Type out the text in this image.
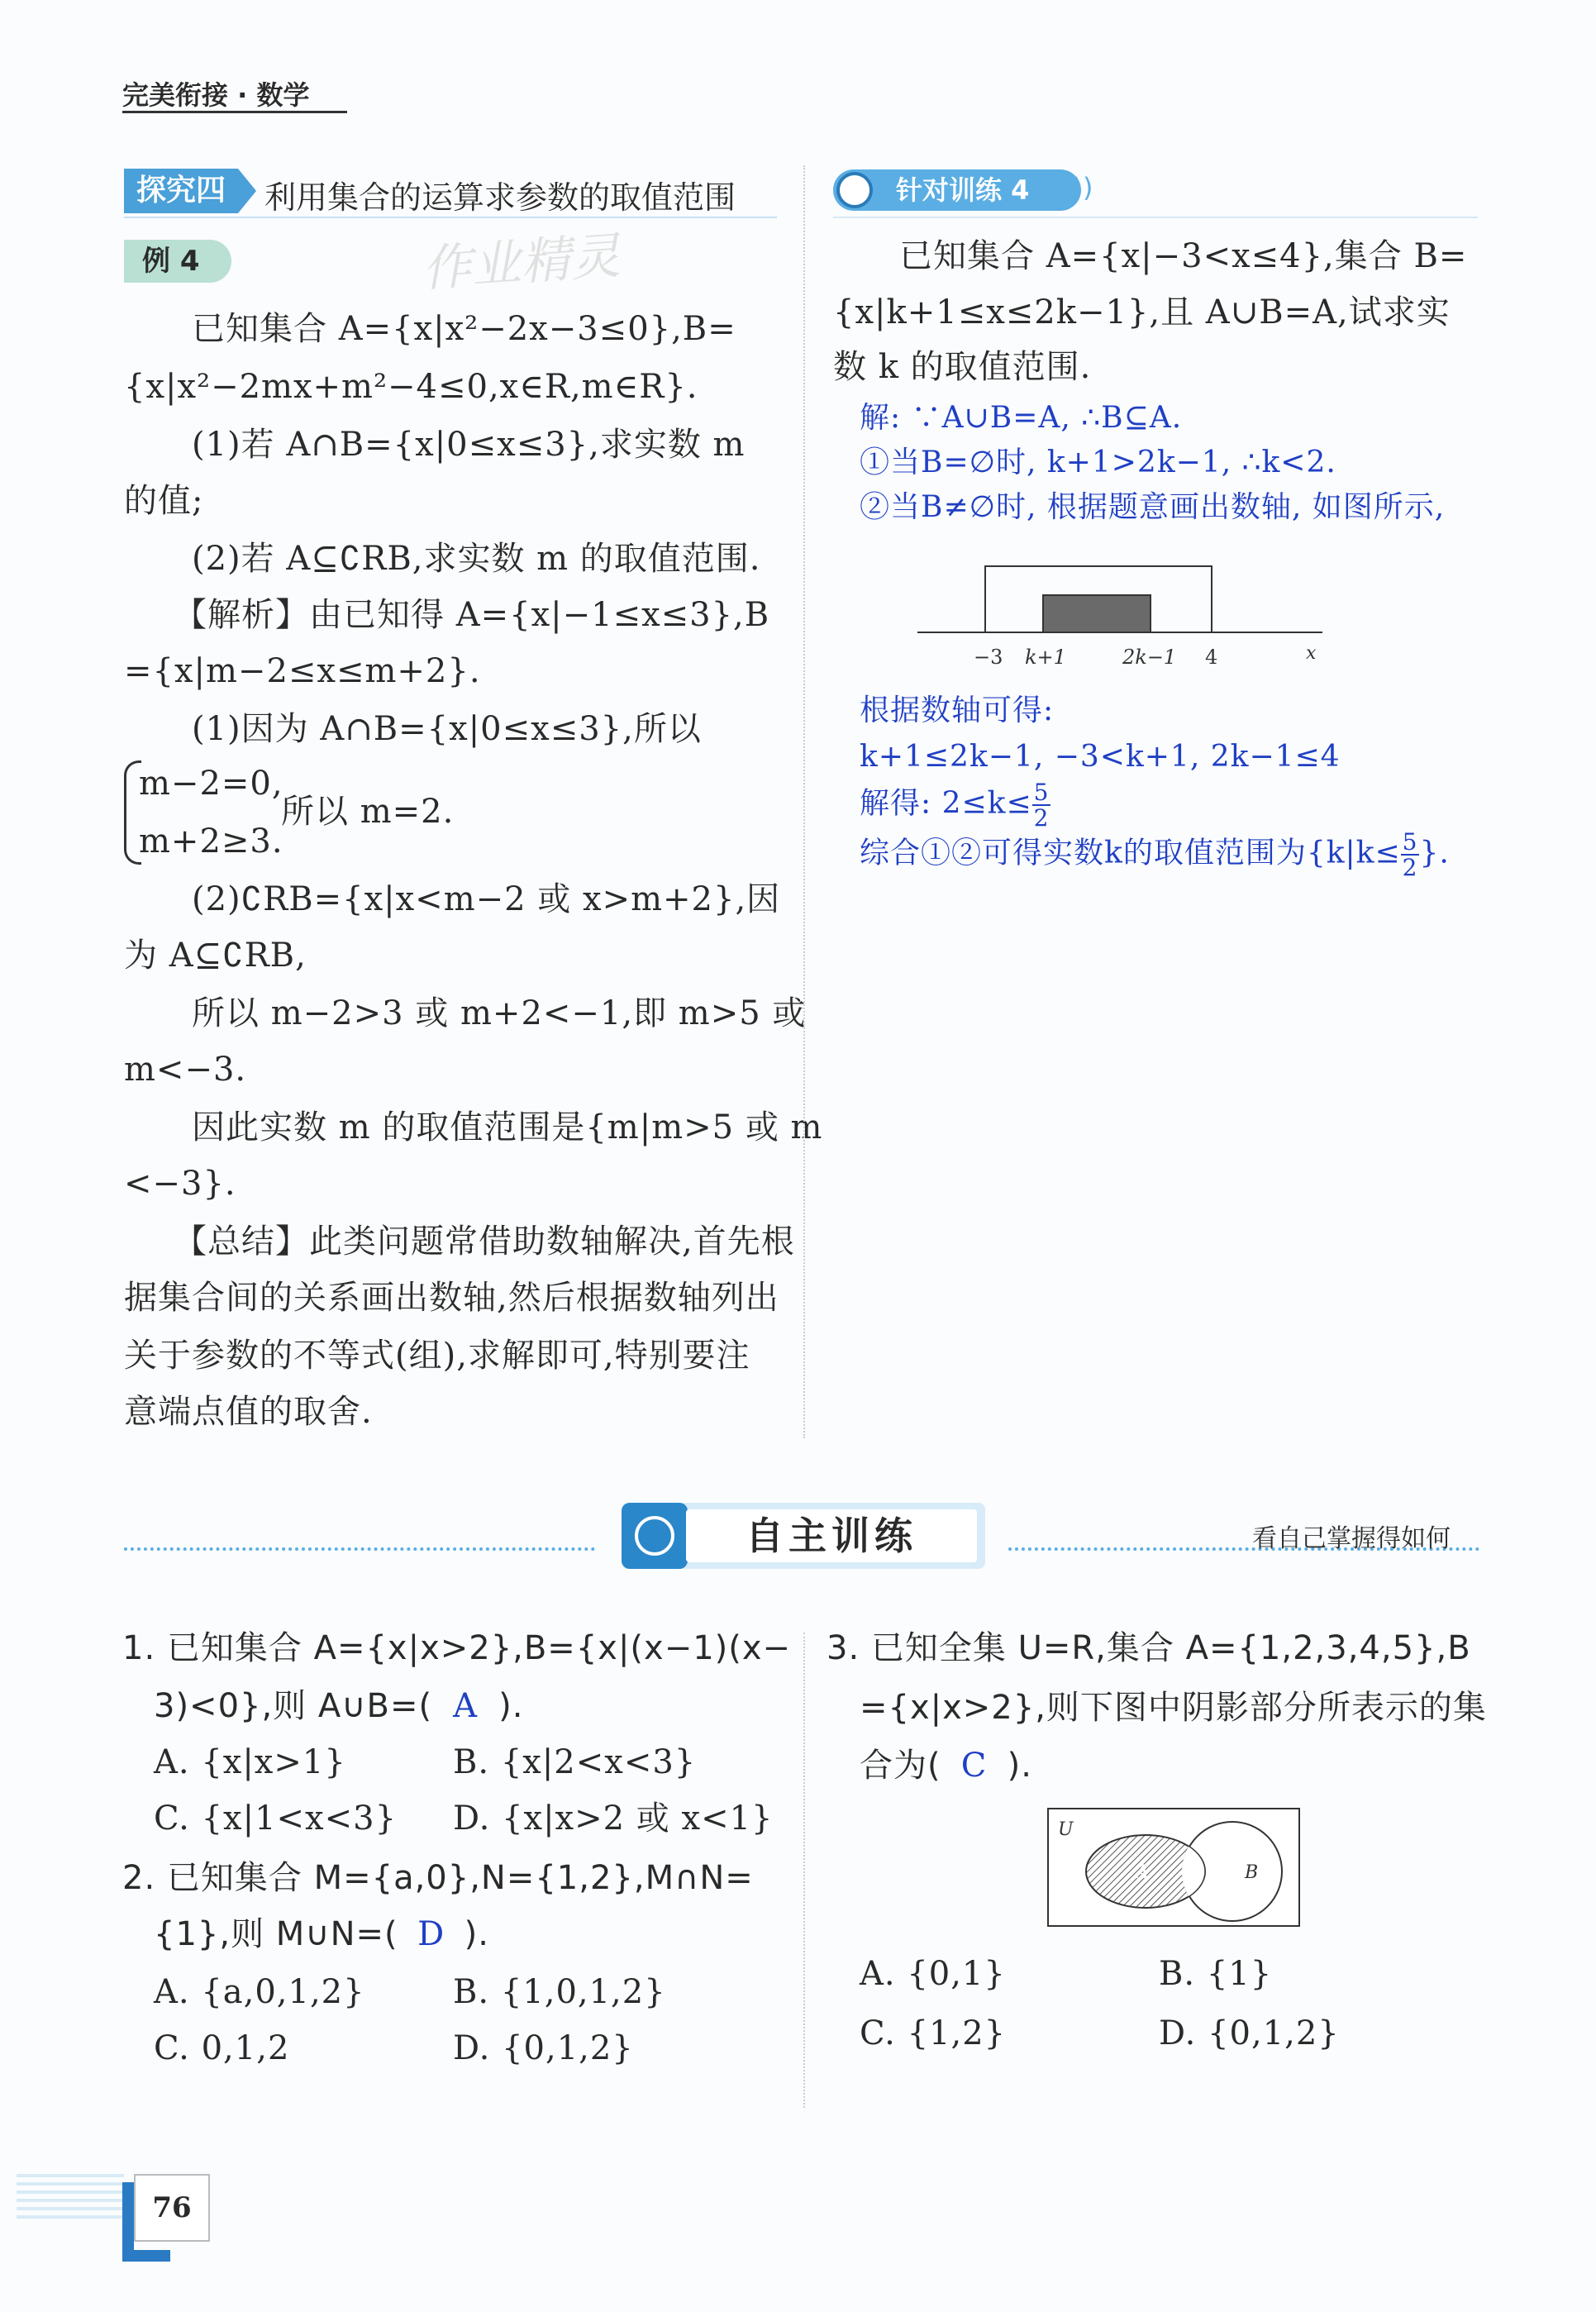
完美衔接 · 数学
探究四	利用集合的运算求参数的取值范围
例 4	作业精灵
已知集合 A={x|x²−2x−3≤0},B=
{x|x²−2mx+m²−4≤0,x∈R,m∈R}.
(1)若 A∩B={x|0≤x≤3},求实数 m
的值;
(2)若 A⊆∁RB,求实数 m 的取值范围.
【解析】由已知得 A={x|−1≤x≤3},B
={x|m−2≤x≤m+2}.
(1)因为 A∩B={x|0≤x≤3},所以
m−2=0,
所以 m=2.
m+2≥3.
(2)∁RB={x|x<m−2 或 x>m+2},因
为 A⊆∁RB,
所以 m−2>3 或 m+2<−1,即 m>5 或
m<−3.
因此实数 m 的取值范围是{m|m>5 或 m
<−3}.
【总结】此类问题常借助数轴解决,首先根
据集合间的关系画出数轴,然后根据数轴列出
关于参数的不等式(组),求解即可,特别要注
意端点值的取舍.
针对训练 4	)))
已知集合 A={x|−3<x≤4},集合 B=
{x|k+1≤x≤2k−1},且 A∪B=A,试求实
数 k 的取值范围.
解: ∵A∪B=A, ∴B⊆A.
①当B=∅时, k+1>2k−1, ∴k<2.
②当B≠∅时, 根据题意画出数轴, 如图所示,
−3 k+1	2k−1 4	x
根据数轴可得:
k+1≤2k−1, −3<k+1, 2k−1≤4
解得: $2\le k\le \frac{5}{2}$
综合①②可得实数k的取值范围为{$k|k\le \frac{5}{2}$ }.
自主训练	看自己掌握得如何
1. 已知集合 A={x|x>2},B={x|(x−1)(x−
3)<0},则 A∪B=( A ).
A. {x|x>1}	B. {x|2<x<3}
C. {x|1<x<3} D. {x|x>2 或 x<1}
2. 已知集合 M={a,0},N={1,2},M∩N=
{1},则 M∪N=( D ).
A. {a,0,1,2}	B. {1,0,1,2}
C. 0,1,2	D. {0,1,2}
3. 已知全集 U=R,集合 A={1,2,3,4,5},B
={x|x>2},则下图中阴影部分所表示的集
合为( C ).
U
A	B
A. {0,1}	B. {1}
C. {1,2}	D. {0,1,2}
76
